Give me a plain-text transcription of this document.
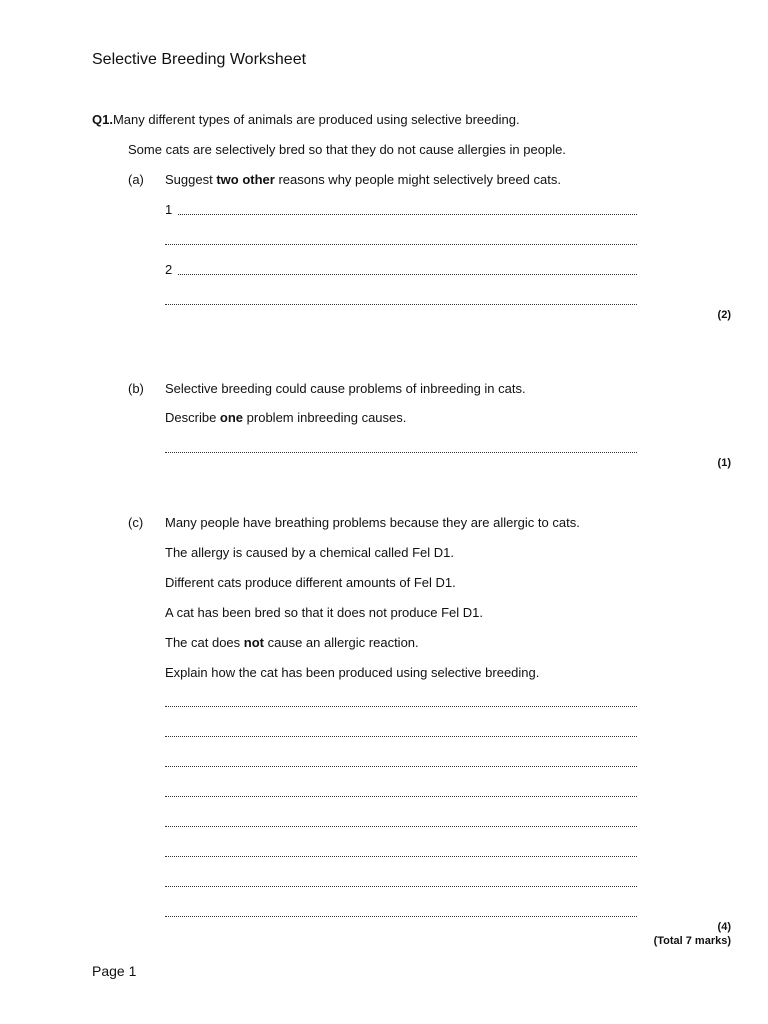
Selective Breeding Worksheet
Q1.Many different types of animals are produced using selective breeding.
Some cats are selectively bred so that they do not cause allergies in people.
(a) Suggest two other reasons why people might selectively breed cats.
1
2
(2)
(b) Selective breeding could cause problems of inbreeding in cats.
Describe one problem inbreeding causes.
(1)
(c) Many people have breathing problems because they are allergic to cats.
The allergy is caused by a chemical called Fel D1.
Different cats produce different amounts of Fel D1.
A cat has been bred so that it does not produce Fel D1.
The cat does not cause an allergic reaction.
Explain how the cat has been produced using selective breeding.
(4)
(Total 7 marks)
Page 1
